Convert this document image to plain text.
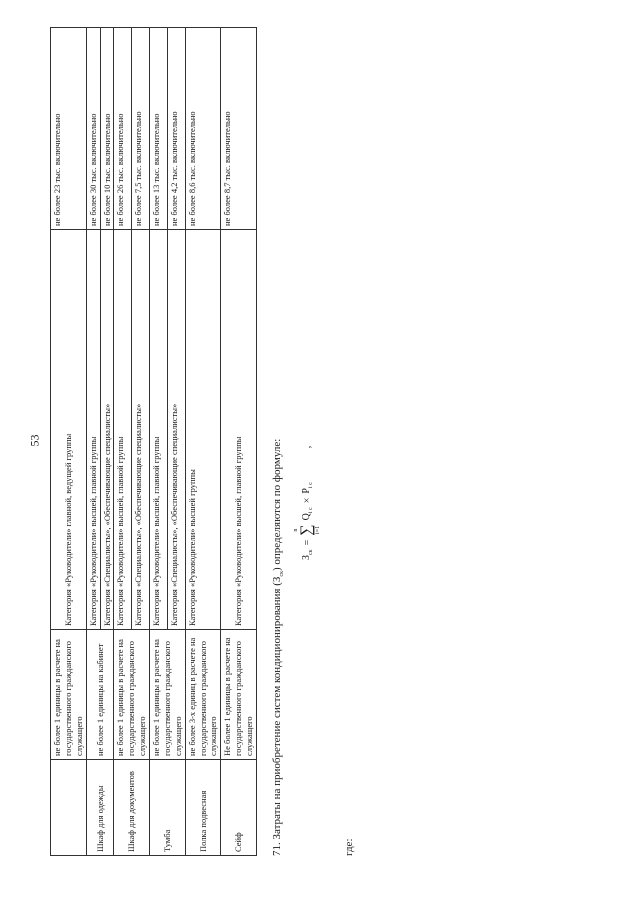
53
	не более 1 единицы в расчете на государственного гражданского служащего	Категория «Руководители» главной, ведущей группы	не более 23 тыс. включительно
Шкаф для одежды	не более 1 единицы на кабинет	Категория «Руководители» высшей, главной группы	не более 30 тыс. включительно
		Категория «Специалисты», «Обеспечивающие специалисты»	не более 10 тыс. включительно
Шкаф для документов	не более 1 единицы в расчете на государственного гражданского служащего	Категория «Руководители» высшей, главной группы	не более 26 тыс. включительно
		Категория «Специалисты», «Обеспечивающие специалисты»	не более 7,5 тыс. включительно
Тумба	не более 1 единицы в расчете на государственного гражданского служащего	Категория «Руководители» высшей, главной группы	не более 13 тыс. включительно
		Категория «Специалисты», «Обеспечивающие специалисты»	не более 4,2 тыс. включительно
Полка подвесная	не более 3-х единиц в расчете на государственного гражданского служащего	Категория «Руководители» высшей группы	не более 8,6 тыс. включительно
Сейф	Не более 1 единицы в расчете на государственного гражданского служащего	Категория «Руководители» высшей, главной группы	не более 8,7 тыс. включительно
71. Затраты на приобретение систем кондиционирования $(З_{ск})$ определяются по формуле: $З_{ск}$
=
n ∑ i=1
$Q_{i с}$
×
$P_{i с}$
,
где:
